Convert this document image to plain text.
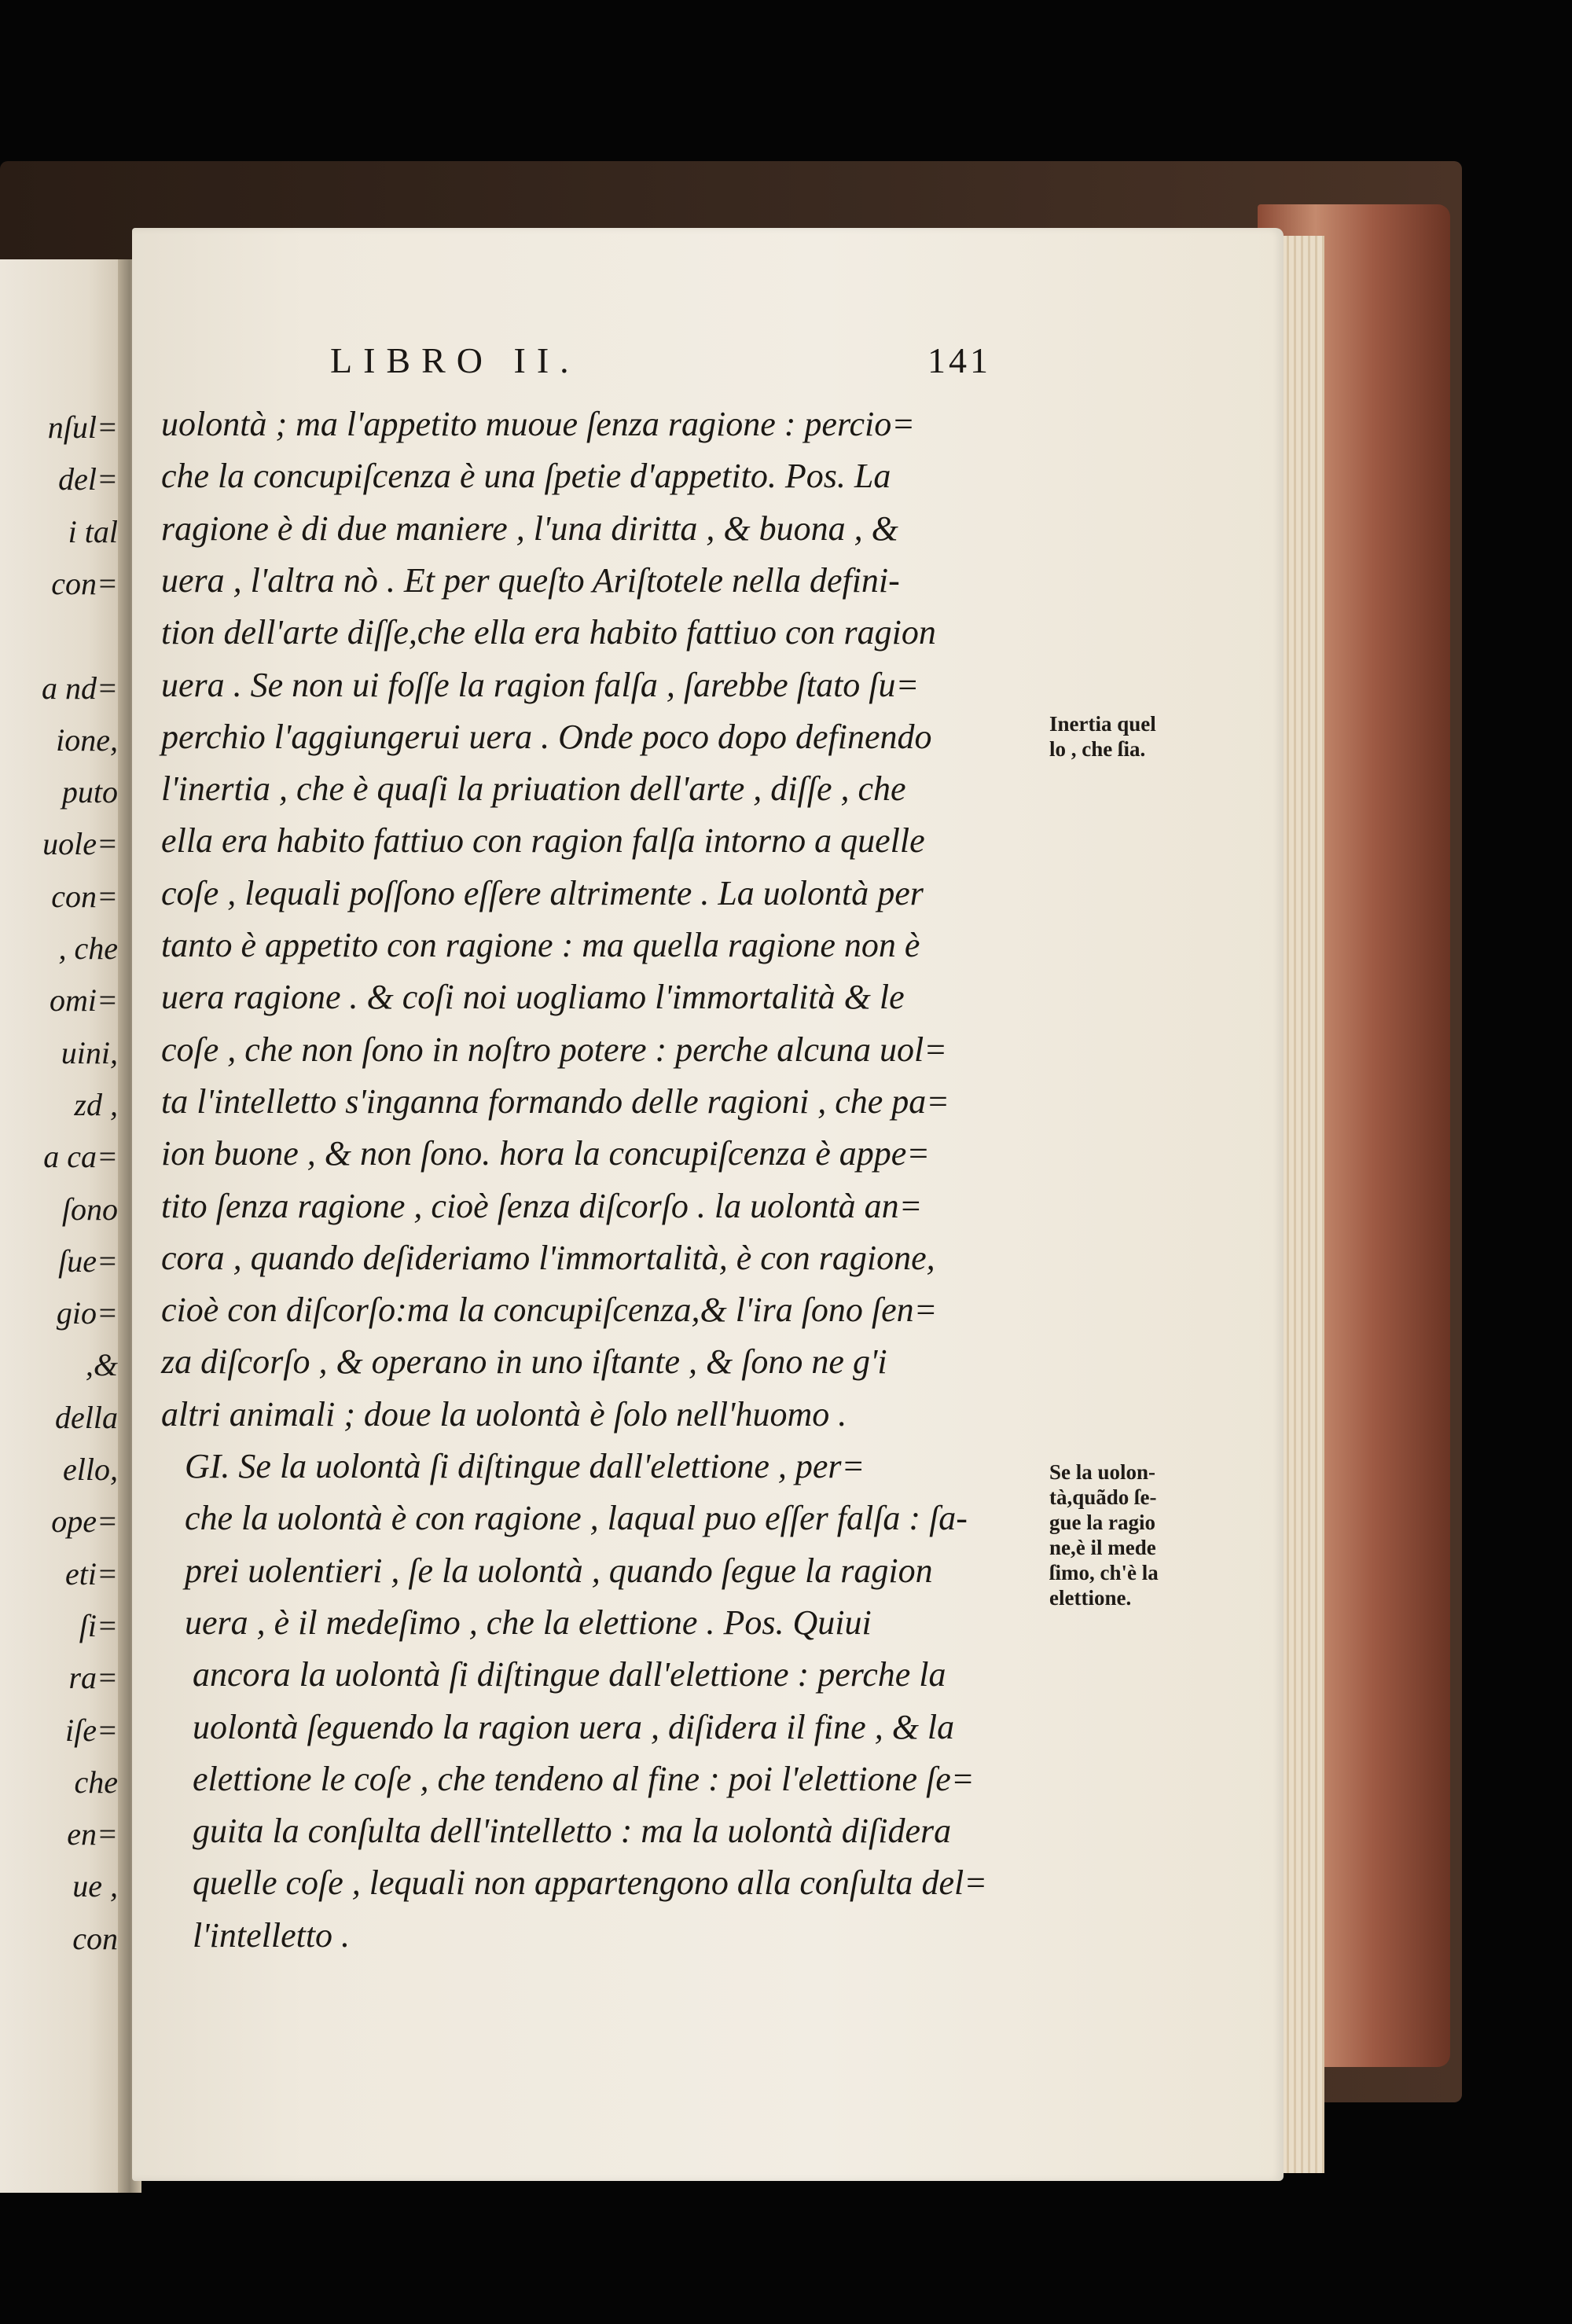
nſul=
del=
i tal
con=
a nd=
ione,
puto
uole=
con=
, che
omi=
uini,
zd ,
a ca=
ſono
ſue=
gio=
,&
della
ello,
ope=
eti=
ſi=
ra=
iſe=
che
en=
ue ,
con
LIBRO II.	141
uolontà ; ma l'appetito muoue ſenza ragione : percio=
che la concupiſcenza è una ſpetie d'appetito. Pos. La
ragione è di due maniere , l'una diritta , & buona , &
uera , l'altra nò . Et per queſto Ariſtotele nella defini-
tion dell'arte diſſe,che ella era habito fattiuo con ragion
uera . Se non ui foſſe la ragion falſa , ſarebbe ſtato ſu=
perchio l'aggiungerui uera . Onde poco dopo definendo
l'inertia , che è quaſi la priuation dell'arte , diſſe , che
ella era habito fattiuo con ragion falſa intorno a quelle
coſe , lequali poſſono eſſere altrimente . La uolontà per
tanto è appetito con ragione : ma quella ragione non è
uera ragione . & coſi noi uogliamo l'immortalità & le
coſe , che non ſono in noſtro potere : perche alcuna uol=
ta l'intelletto s'inganna formando delle ragioni , che pa=
ion buone , & non ſono. hora la concupiſcenza è appe=
tito ſenza ragione , cioè ſenza diſcorſo . la uolontà an=
cora , quando deſideriamo l'immortalità, è con ragione,
cioè con diſcorſo:ma la concupiſcenza,& l'ira ſono ſen=
za diſcorſo , & operano in uno iſtante , & ſono ne g'i
altri animali ; doue la uolontà è ſolo nell'huomo .
GI. Se la uolontà ſi diſtingue dall'elettione , per=
che la uolontà è con ragione , laqual puo eſſer falſa : ſa-
prei uolentieri , ſe la uolontà , quando ſegue la ragion
uera , è il medeſimo , che la elettione . Pos. Quiui
ancora la uolontà ſi diſtingue dall'elettione : perche la
uolontà ſeguendo la ragion uera , diſidera il fine , & la
elettione le coſe , che tendeno al fine : poi l'elettione ſe=
guita la conſulta dell'intelletto : ma la uolontà diſidera
quelle coſe , lequali non appartengono alla conſulta del=
l'intelletto .
Inertia quel
lo , che ſia.
Se la uolon-
tà,quãdo ſe-
gue la ragio
ne,è il mede
ſimo, ch'è la
elettione.
